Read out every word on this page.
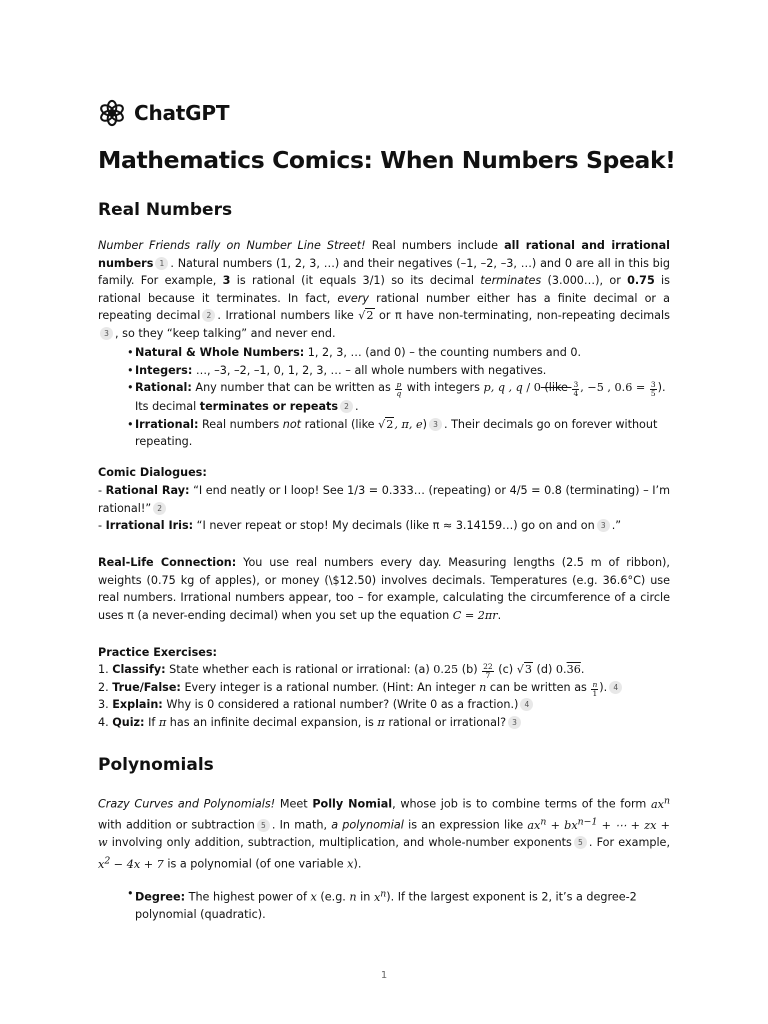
ChatGPT
Mathematics Comics: When Numbers Speak!
Real Numbers

Number Friends rally on Number Line Street! Real numbers include all rational and irrational numbers 1 . Natural numbers (1, 2, 3, …) and their negatives (–1, –2, –3, …) and 0 are all in this big family. For example, 3 is rational (it equals 3/1) so its decimal terminates (3.000…), or 0.75 is rational because it terminates. In fact, every rational number either has a finite decimal or a repeating decimal 2 . Irrational numbers like √2 or π have non-terminating, non-repeating decimals3 , so they “keep talking” and never end.

• Natural & Whole Numbers: 1, 2, 3, … (and 0) – the counting numbers and 0.
• Integers: …, –3, –2, –1, 0, 1, 2, 3, … – all whole numbers with negatives.
• Rational: Any number that can be written as $\frac{p}{q}$ with integers p, q , q / 0 (like $\frac{3}{4}$ , −5 , $0.6 = \frac{3}{5}$ ). Its decimal terminates or repeats 2 .
• Irrational: Real numbers not rational (like √2, π, e) 3 . Their decimals go on forever without repeating.

Comic Dialogues:

- Rational Ray: “I end neatly or I loop! See 1/3 = 0.333… (repeating) or 4/5 = 0.8 (terminating) – I’m rational!” 2

- Irrational Iris: “I never repeat or stop! My decimals (like π ≈ 3.14159…) go on and on 3 .”

Real-Life Connection: You use real numbers every day. Measuring lengths (2.5 m of ribbon), weights (0.75 kg of apples), or money (\$12.50) involves decimals. Temperatures (e.g. 36.6°C) use real numbers. Irrational numbers appear, too – for example, calculating the circumference of a circle uses π (a never-ending decimal) when you set up the equation C = 2πr.

Practice Exercises:

1. Classify: State whether each is rational or irrational: (a) 0.25 $(b) \frac{22}{7} (c)$ √3 (d) 0.36.

2. True/False: Every integer is a rational number. (Hint: An integer n can be written as $\frac{n}{1}$ ). 4

3. Explain: Why is 0 considered a rational number? (Write 0 as a fraction.) 4

4. Quiz: If π has an infinite decimal expansion, is π rational or irrational? 3

Polynomials

Crazy Curves and Polynomials! Meet Polly Nomial, whose job is to combine terms of the form $ax^n$ with addition or subtraction 5 . In math, a polynomial is an expression like $ax^n + bx^{n-1}$ + ⋯ + zx + w involving only addition, subtraction, multiplication, and whole-number exponents 5 . For example, $x^2 - 4x + 7$ is a polynomial (of one variable x).

• Degree: The highest power of x (e.g. n in $x^n$). If the largest exponent is 2, it’s a degree-2 polynomial (quadratic).
1
